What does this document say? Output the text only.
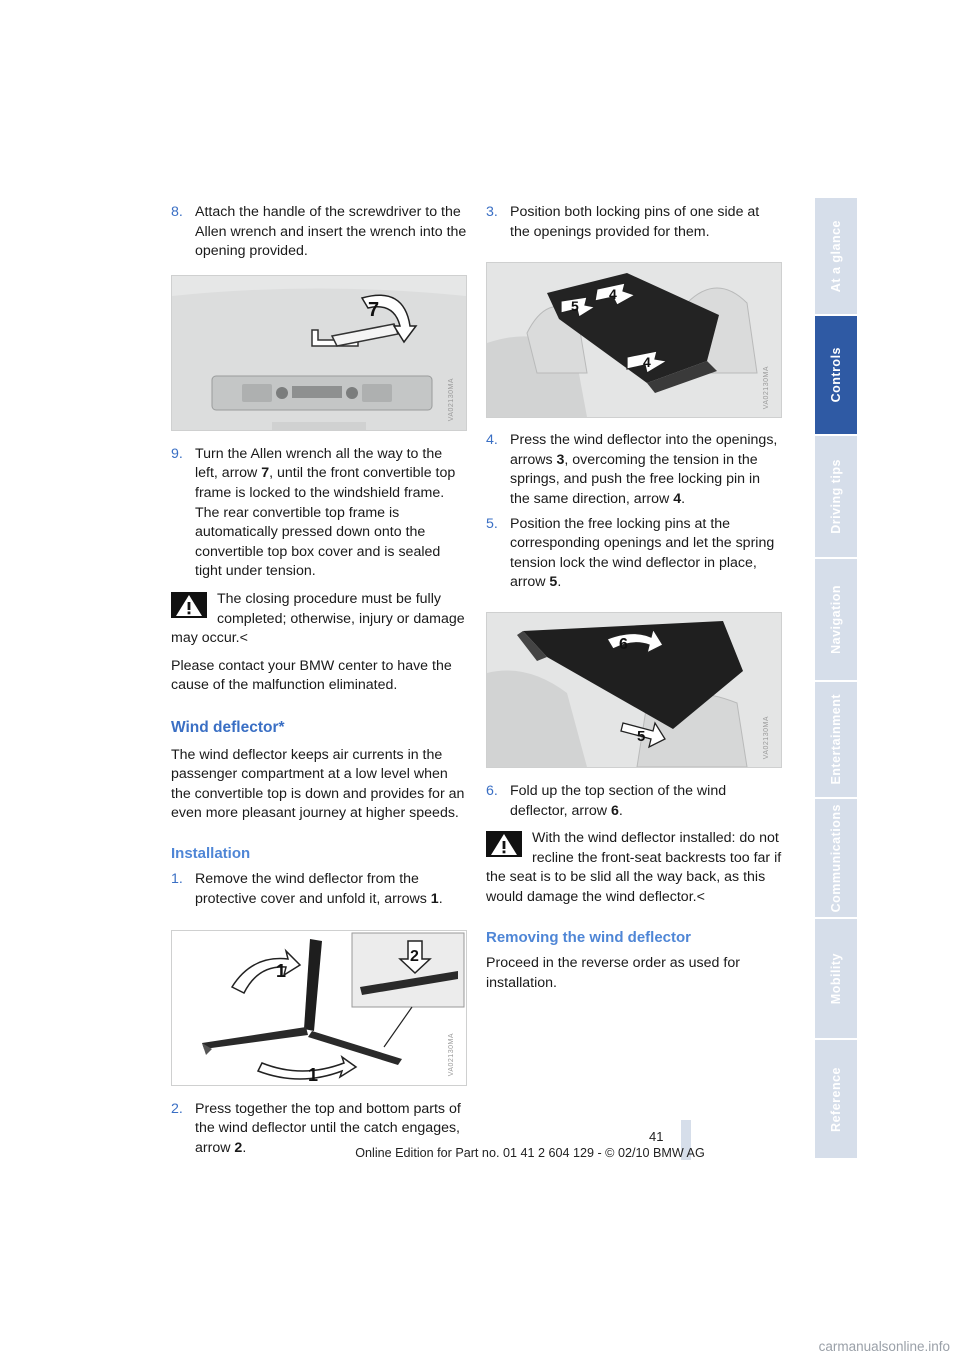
8. Attach the handle of the screwdriver to the Allen wrench and insert the wrench into the opening provided.
7
VA02130MA
9. Turn the Allen wrench all the way to the left, arrow 7, until the front convertible top frame is locked to the windshield frame. The rear convertible top frame is automatically pressed down onto the convertible top box cover and is sealed tight under tension.
The closing procedure must be fully completed; otherwise, injury or damage may occur.<

Please contact your BMW center to have the cause of the malfunction eliminated.

Wind deflector*

The wind deflector keeps air currents in the passenger compartment at a low level when the convertible top is down and provides for an even more pleasant journey at higher speeds.

Installation
1. Remove the wind deflector from the protective cover and unfold it, arrows 1.
1
1
2
VA02130MA
2. Press together the top and bottom parts of the wind deflector until the catch engages, arrow 2.
3. Position both locking pins of one side at the openings provided for them.
4
5
4
VA02130MA
4. Press the wind deflector into the openings, arrows 3, overcoming the tension in the springs, and push the free locking pin in the same direction, arrow 4.
5. Position the free locking pins at the corresponding openings and let the spring tension lock the wind deflector in place, arrow 5.
6
5	VA02130MA
6. Fold up the top section of the wind deflector, arrow 6.
With the wind deflector installed: do not recline the front-seat backrests too far if the seat is to be slid all the way back, as this would damage the wind deflector.<
Removing the wind deflector

Proceed in the reverse order as used for installation.

At a glance
Controls
Driving tips
Navigation
Entertainment
Communications
Mobility
Reference
41
Online Edition for Part no. 01 41 2 604 129 - © 02/10 BMW AG
carmanualsonline.info
